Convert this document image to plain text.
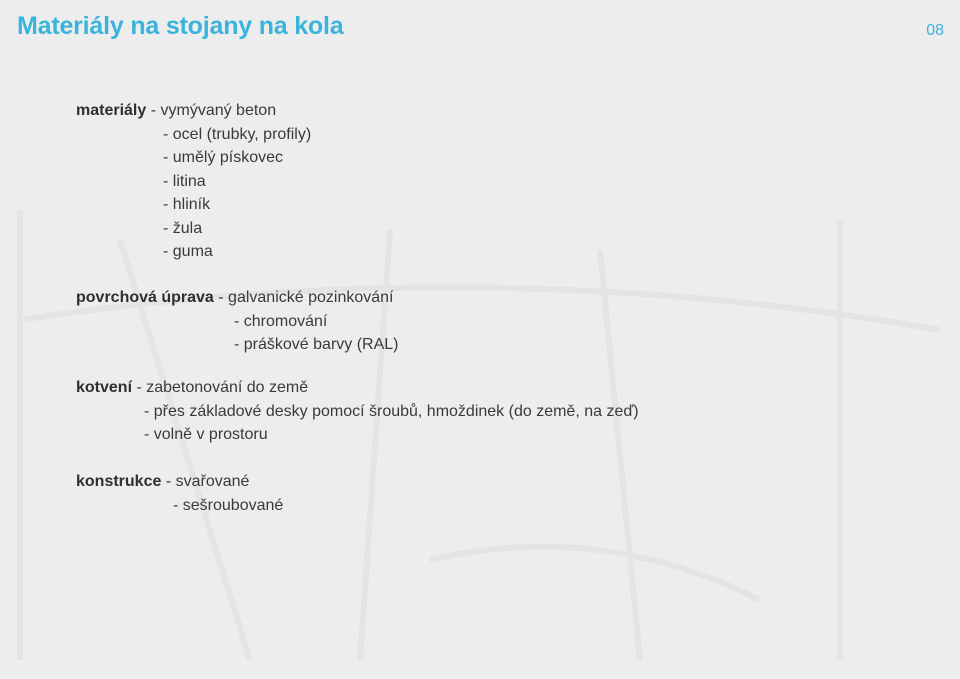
Materiály na stojany na kola	08
materiály - vymývaný beton
- ocel (trubky, profily)
- umělý pískovec
- litina
- hliník
- žula
- guma
povrchová úprava - galvanické pozinkování
- chromování
- práškové barvy (RAL)
kotvení - zabetonování do země
- přes základové desky pomocí šroubů, hmoždinek (do země, na zeď)
- volně v prostoru
konstrukce - svařované
- sešroubované
